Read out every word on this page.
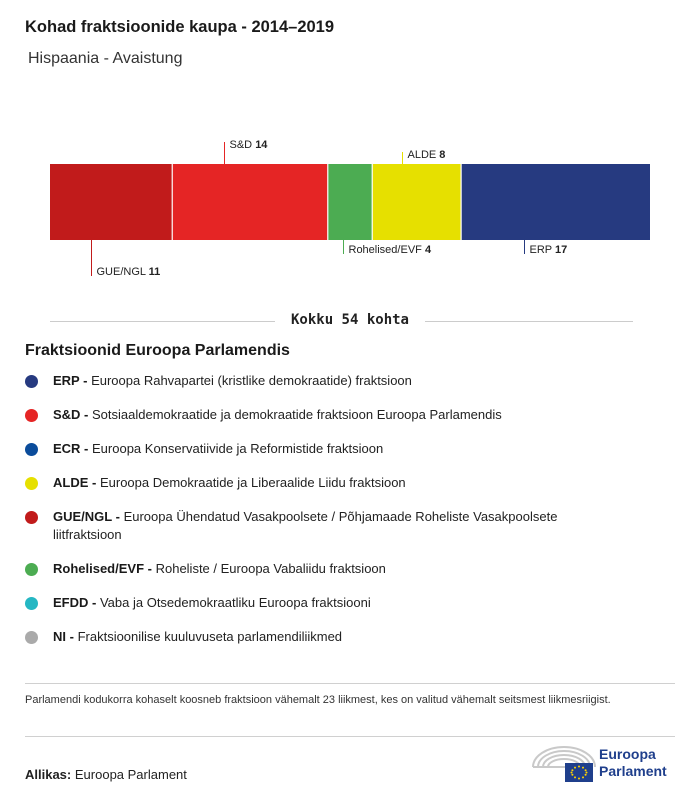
Kohad fraktsioonide kaupa - 2014–2019
Hispaania - Avaistung
GUE/NGL 11
S&D 14
Rohelised/EVF 4
ALDE 8
ERP 17
Kokku 54 kohta
Fraktsioonid Euroopa Parlamendis
ERP - Euroopa Rahvapartei (kristlike demokraatide) fraktsioon
S&D - Sotsiaaldemokraatide ja demokraatide fraktsioon Euroopa Parlamendis
ECR - Euroopa Konservatiivide ja Reformistide fraktsioon
ALDE - Euroopa Demokraatide ja Liberaalide Liidu fraktsioon
GUE/NGL - Euroopa Ühendatud Vasakpoolsete / Põhjamaade Roheliste Vasakpoolsete liitfraktsioon
Rohelised/EVF - Roheliste / Euroopa Vabaliidu fraktsioon
EFDD - Vaba ja Otsedemokraatliku Euroopa fraktsiooni
NI - Fraktsioonilise kuuluvuseta parlamendiliikmed
Parlamendi kodukorra kohaselt koosneb fraktsioon vähemalt 23 liikmest, kes on valitud vähemalt seitsmest liikmesriigist.
Allikas: Euroopa Parlament
Euroopa
Parlament
